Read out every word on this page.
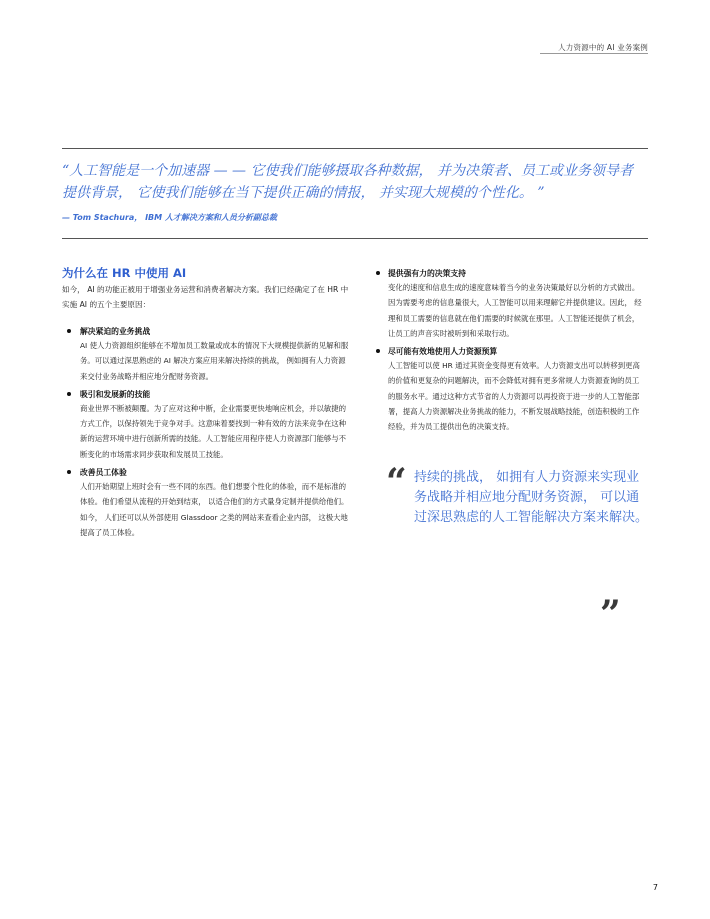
人力资源中的 AI 业务案例
“人工智能是一个加速器 — — 它使我们能够摄取各种数据， 并为决策者、员工或业务领导者提供背景， 它使我们能够在当下提供正确的情报， 并实现大规模的个性化。 ”
— Tom Stachura， IBM 人才解决方案和人员分析副总裁
为什么在 HR 中使用 AI
如今， AI 的功能正被用于增强业务运营和消费者解决方案。我们已经确定了在 HR 中实施 AI 的五个主要原因：
解决紧迫的业务挑战
AI 使人力资源组织能够在不增加员工数量或成本的情况下大规模提供新的见解和服务。可以通过深思熟虑的 AI 解决方案应用来解决持续的挑战， 例如拥有人力资源来交付业务战略并相应地分配财务资源。
吸引和发展新的技能
商业世界不断被颠覆。为了应对这种中断，企业需要更快地响应机会，并以敏捷的方式工作，以保持领先于竞争对手。这意味着要找到一种有效的方法来竞争在这种新的运营环境中进行创新所需的技能。人工智能应用程序使人力资源部门能够与不断变化的市场需求同步获取和发展员工技能。
改善员工体验
人们开始期望上班时会有一些不同的东西。他们想要个性化的体验，而不是标准的体验。他们希望从流程的开始到结束， 以适合他们的方式量身定制并提供给他们。如今， 人们还可以从外部使用 Glassdoor 之类的网站来查看企业内部， 这极大地提高了员工体验。
提供强有力的决策支持
变化的速度和信息生成的速度意味着当今的业务决策最好以分析的方式做出。因为需要考虑的信息量很大，人工智能可以用来理解它并提供建议。因此， 经理和员工需要的信息就在他们需要的时候就在那里。人工智能还提供了机会， 让员工的声音实时被听到和采取行动。
尽可能有效地使用人力资源预算
人工智能可以使 HR 通过其资金变得更有效率。人力资源支出可以转移到更高的价值和更复杂的问题解决，而不会降低对拥有更多常规人力资源查询的员工的服务水平。通过这种方式节省的人力资源可以再投资于进一步的人工智能部署，提高人力资源解决业务挑战的能力，不断发展战略技能，创造积极的工作经验，并为员工提供出色的决策支持。
“ 持续的挑战， 如拥有人力资源来实现业务战略并相应地分配财务资源， 可以通过深思熟虑的人工智能解决方案来解决。
”
7
